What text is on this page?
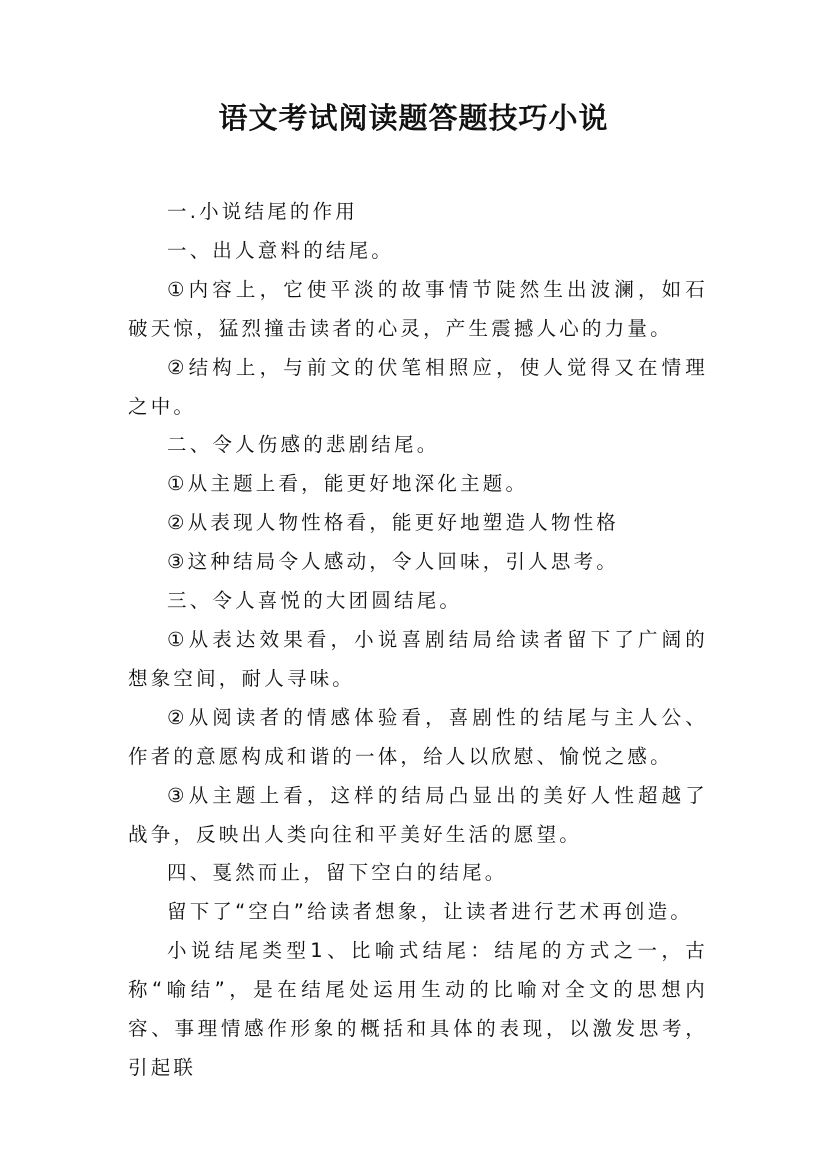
语文考试阅读题答题技巧小说

一.小说结尾的作用

一、出人意料的结尾。

①内容上，它使平淡的故事情节陡然生出波澜，如石破天惊，猛烈撞击读者的心灵，产生震撼人心的力量。

②结构上，与前文的伏笔相照应，使人觉得又在情理之中。

二、令人伤感的悲剧结尾。

①从主题上看，能更好地深化主题。

②从表现人物性格看，能更好地塑造人物性格

③这种结局令人感动，令人回味，引人思考。

三、令人喜悦的大团圆结尾。

①从表达效果看，小说喜剧结局给读者留下了广阔的想象空间，耐人寻味。

②从阅读者的情感体验看，喜剧性的结尾与主人公、作者的意愿构成和谐的一体，给人以欣慰、愉悦之感。

③从主题上看，这样的结局凸显出的美好人性超越了战争，反映出人类向往和平美好生活的愿望。

四、戛然而止，留下空白的结尾。

留下了“空白”给读者想象，让读者进行艺术再创造。

小说结尾类型1、比喻式结尾：结尾的方式之一，古称“喻结”，是在结尾处运用生动的比喻对全文的思想内容、事理情感作形象的概括和具体的表现，以激发思考，引起联
